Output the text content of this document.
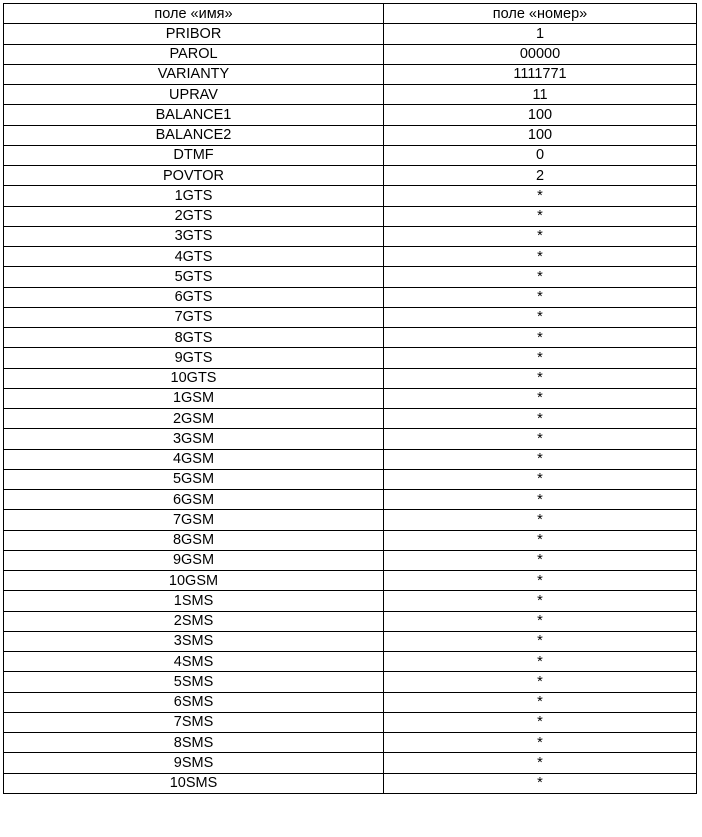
поле «имя»	поле «номер»
PRIBOR	1
PAROL	00000
VARIANTY	1111771
UPRAV	11
BALANCE1	100
BALANCE2	100
DTMF	0
POVTOR	2
1GTS	*
2GTS	*
3GTS	*
4GTS	*
5GTS	*
6GTS	*
7GTS	*
8GTS	*
9GTS	*
10GTS	*
1GSM	*
2GSM	*
3GSM	*
4GSM	*
5GSM	*
6GSM	*
7GSM	*
8GSM	*
9GSM	*
10GSM	*
1SMS	*
2SMS	*
3SMS	*
4SMS	*
5SMS	*
6SMS	*
7SMS	*
8SMS	*
9SMS	*
10SMS	*
